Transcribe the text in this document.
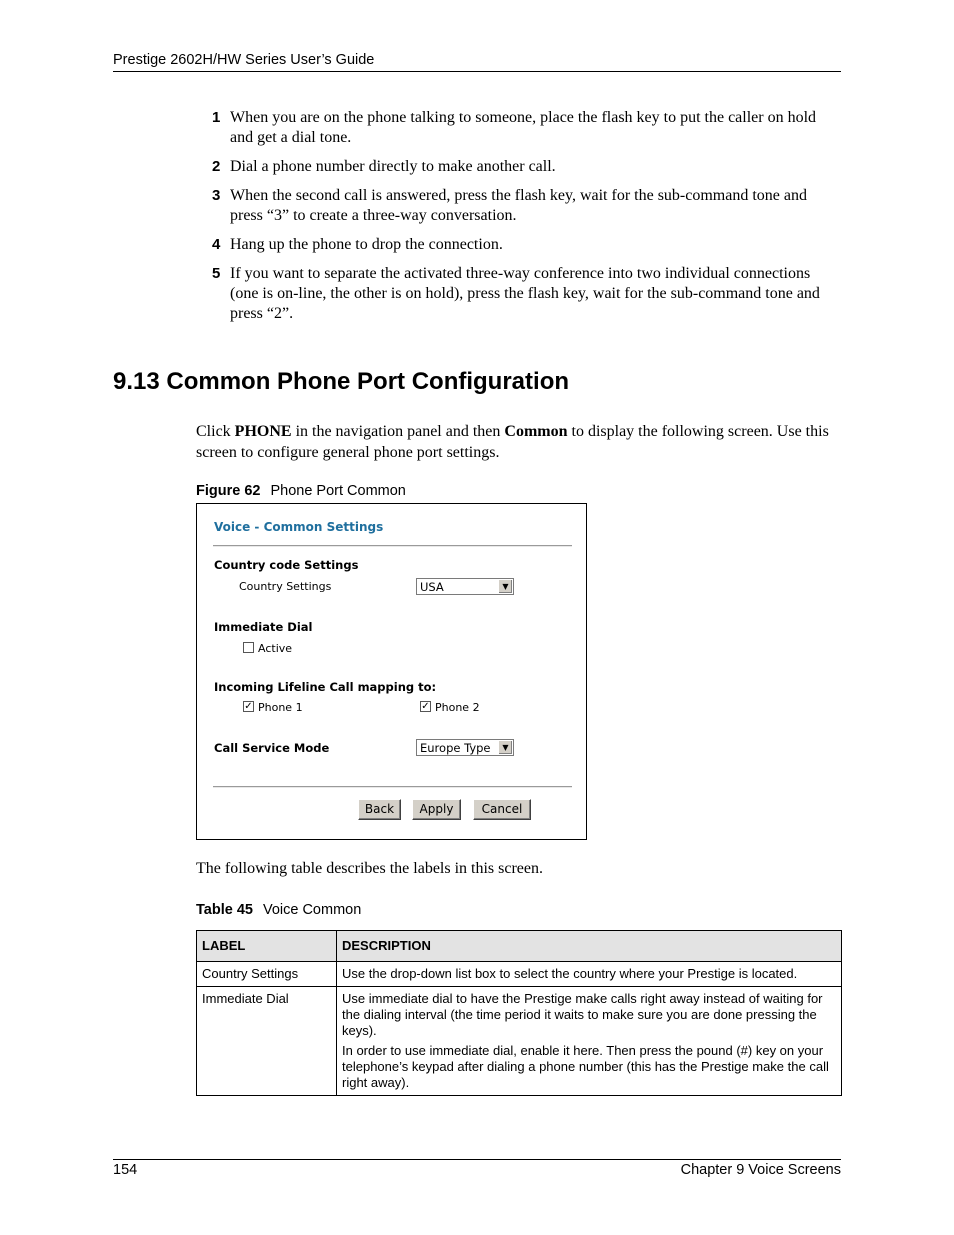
Prestige 2602H/HW Series User’s Guide
1 When you are on the phone talking to someone, place the flash key to put the caller on hold and get a dial tone.
2 Dial a phone number directly to make another call.
3 When the second call is answered, press the flash key, wait for the sub-command tone and press “3” to create a three-way conversation.
4 Hang up the phone to drop the connection.
5 If you want to separate the activated three-way conference into two individual connections (one is on-line, the other is on hold), press the flash key, wait for the sub-command tone and press “2”.
9.13 Common Phone Port Configuration

Click PHONE in the navigation panel and then Common to display the following screen. Use this screen to configure general phone port settings.

Figure 62 Phone Port Common
Voice - Common Settings
Country code Settings
Country Settings	USA	▼
Immediate Dial
Active
Incoming Lifeline Call mapping to:
✓ Phone 1	✓ Phone 2
Call Service Mode	Europe Type	▼
Back	Apply	Cancel

The following table describes the labels in this screen.

Table 45 Voice Common
LABEL	DESCRIPTION
Country Settings	Use the drop-down list box to select the country where your Prestige is located.

Immediate Dial	Use immediate dial to have the Prestige make calls right away instead of waiting for the dialing interval (the time period it waits to make sure you are done pressing the keys).

In order to use immediate dial, enable it here. Then press the pound (#) key on your telephone’s keypad after dialing a phone number (this has the Prestige make the call right away).

154	Chapter 9 Voice Screens
